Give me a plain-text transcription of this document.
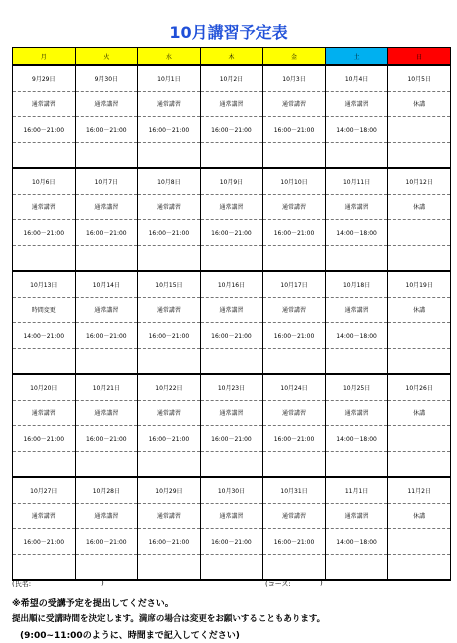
10月講習予定表
月	火	水	木	金	土	日
9月29日	9月30日	10月1日	10月2日	10月3日	10月4日	10月5日
通常講習	通常講習	通常講習	通常講習	通常講習	通常講習	休講
16:00－21:00	16:00－21:00	16:00－21:00	16:00－21:00	16:00－21:00	14:00－18:00	

10月6日	10月7日	10月8日	10月9日	10月10日	10月11日	10月12日
通常講習	通常講習	通常講習	通常講習	通常講習	通常講習	休講
16:00－21:00	16:00－21:00	16:00－21:00	16:00－21:00	16:00－21:00	14:00－18:00	

10月13日	10月14日	10月15日	10月16日	10月17日	10月18日	10月19日
時間変更	通常講習	通常講習	通常講習	通常講習	通常講習	休講
14:00－21:00	16:00－21:00	16:00－21:00	16:00－21:00	16:00－21:00	14:00－18:00	

10月20日	10月21日	10月22日	10月23日	10月24日	10月25日	10月26日
通常講習	通常講習	通常講習	通常講習	通常講習	通常講習	休講
16:00－21:00	16:00－21:00	16:00－21:00	16:00－21:00	16:00－21:00	14:00－18:00	

10月27日	10月28日	10月29日	10月30日	10月31日	11月1日	11月2日
通常講習	通常講習	通常講習	通常講習	通常講習	通常講習	休講
16:00－21:00	16:00－21:00	16:00－21:00	16:00－21:00	16:00－21:00	14:00－18:00	

(氏名:	)	(コース:	)
※希望の受講予定を提出してください。
提出順に受講時間を決定します。満席の場合は変更をお願いすることもあります。
(9:00~11:00のように、時間まで記入してください)
